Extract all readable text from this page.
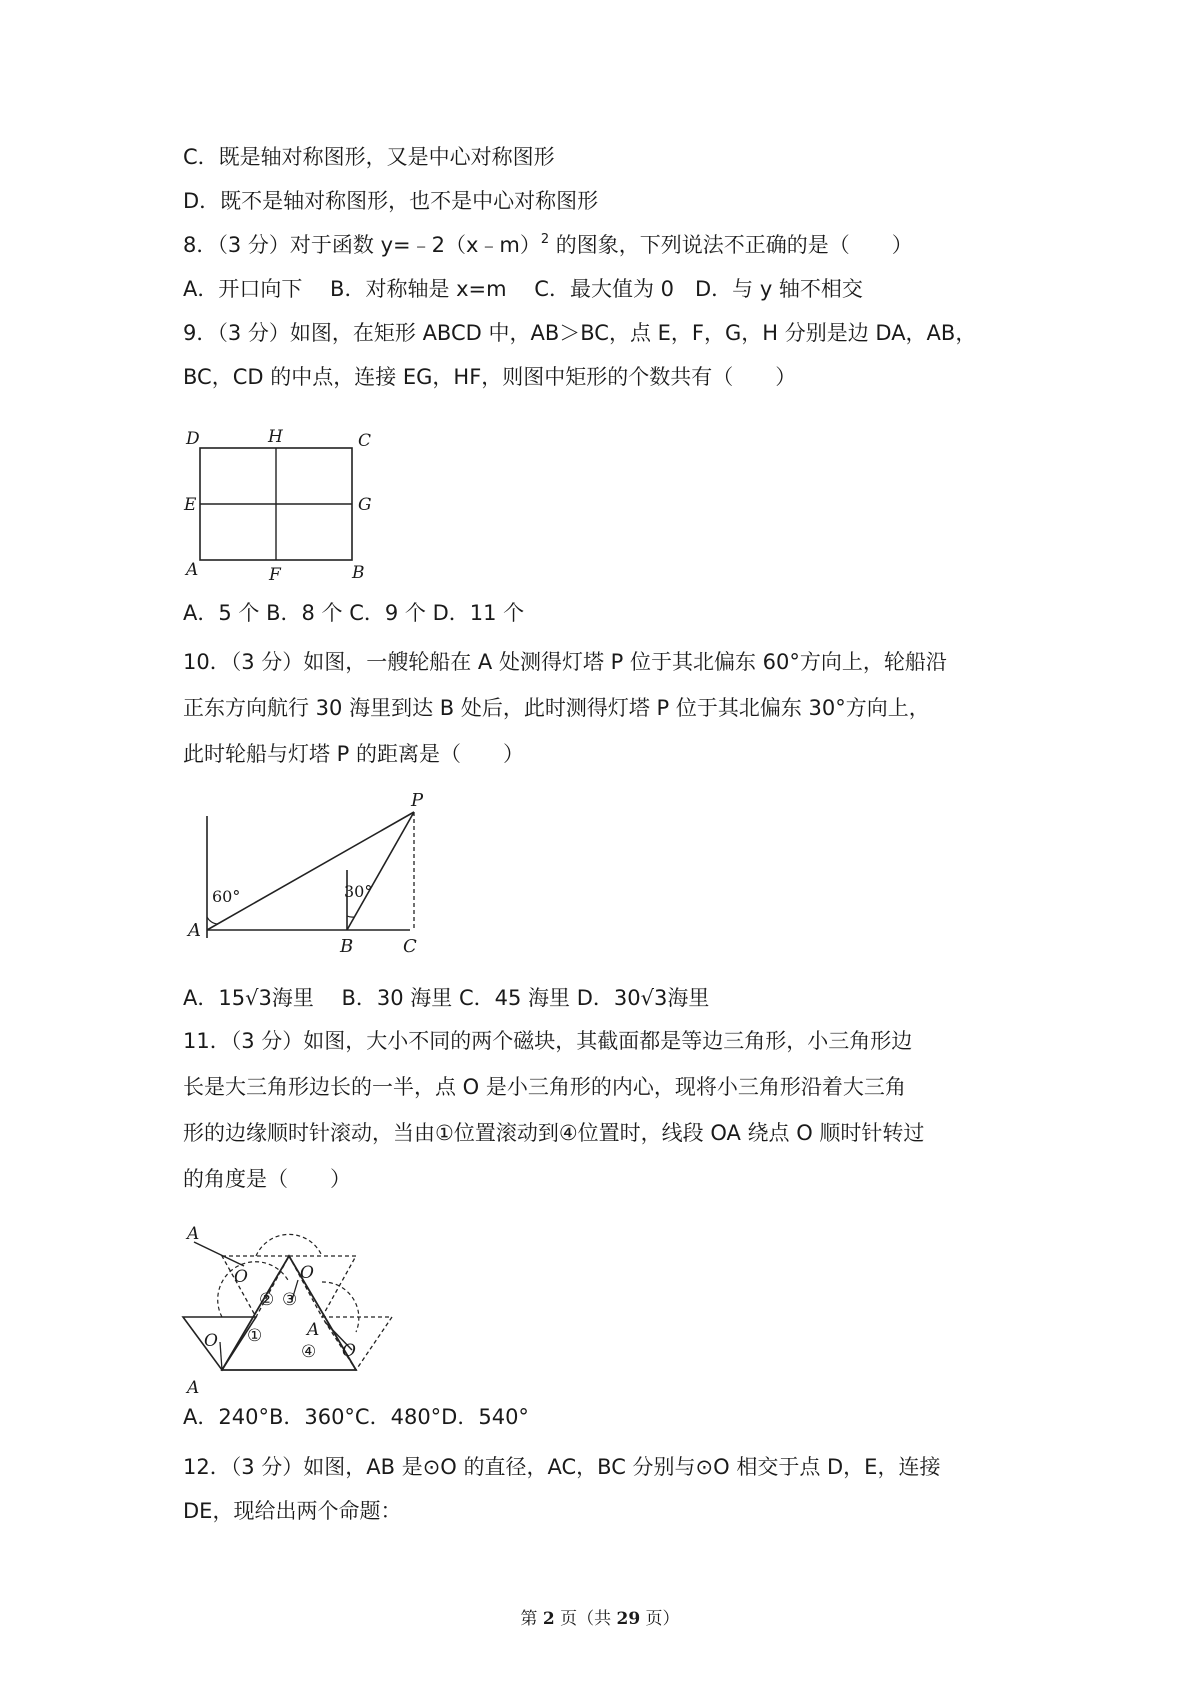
C．既是轴对称图形，又是中心对称图形
D．既不是轴对称图形，也不是中心对称图形
8．（3 分）对于函数 y=﹣2（x﹣m）$^2$ 的图象，下列说法不正确的是（　　）
A．开口向下　 B．对称轴是 x=m　 C．最大值为 0　D．与 y 轴不相交
9．（3 分）如图，在矩形 ABCD 中，AB＞BC，点 E，F，G，H 分别是边 DA，AB，
BC，CD 的中点，连接 EG，HF，则图中矩形的个数共有（　　）
D	H	C
E	G
A	F	B
A．5 个 B．8 个 C．9 个 D．11 个
10．（3 分）如图，一艘轮船在 A 处测得灯塔 P 位于其北偏东 60°方向上，轮船沿
正东方向航行 30 海里到达 B 处后，此时测得灯塔 P 位于其北偏东 30°方向上，
此时轮船与灯塔 P 的距离是（　　）
P
60°	30°
A
B	C
A．15√3海里　 B．30 海里 C．45 海里 D．30√3海里
11．（3 分）如图，大小不同的两个磁块，其截面都是等边三角形，小三角形边
长是大三角形边长的一半，点 O 是小三角形的内心，现将小三角形沿着大三角
形的边缘顺时针滚动，当由①位置滚动到④位置时，线段 OA 绕点 O 顺时针转过
的角度是（　　）
A
O	O
O	O
A
A
② ③
①
④
A．240°B．360°C．480°D．540°
12．（3 分）如图，AB 是⊙O 的直径，AC，BC 分别与⊙O 相交于点 D，E，连接
DE，现给出两个命题：
第 2 页（共 29 页）
